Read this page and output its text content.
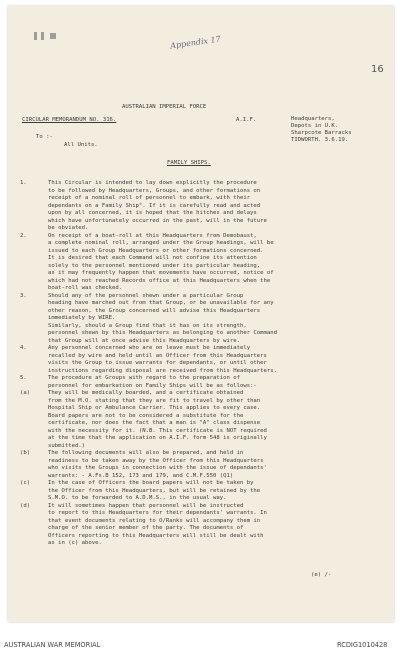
Appendix 17
16
AUSTRALIAN IMPERIAL FORCE
CIRCULAR MEMORANDUM NO. 316.	A.I.F.	Headquarters,
Depots in U.K.
Sharpcote Barracks
TIDWORTH. 3.6.19.
To :-
All Units.
FAMILY SHIPS.
1.	This Circular is intended to lay down explicitly the procedure
to be followed by Headquarters, Groups, and other formations on
receipt of a nominal roll of personnel to embark, with their
dependants on a Family Ship". If it is carefully read and acted
upon by all concerned, it is hoped that the hitches and delays
which have unfortunately occurred in the past, will in the future
be obviated.
2.	On receipt of a boat-roll at this Headquarters from Demobaust,
a complete nominal roll, arranged under the Group headings, will be
issued to each Group Headquarters or other formations concerned.
It is desired that each Command will not confine its attention
solely to the personnel mentioned under its particular heading,
as it may frequently happen that movements have occurred, notice of
which had not reached Records office at this Headquarters when the
boat-roll was checked.
3.	Should any of the personnel shewn under a particular Group
heading have marched out from that Group, or be unavailable for any
other reason, the Group concerned will advise this Headquarters
immediately by WIRE.
Similarly, should a Group find that it has on its strength,
personnel shewn by this Headquarters as belonging to another Command
that Group will at once advise this Headquarters by wire.
4.	Any personnel concerned who are on leave must be immediately
recalled by wire and held until an Officer from this Headquarters
visits the Group to issue warrants for dependants, or until other
instructions regarding disposal are received from this Headquarters.
5.	The procedure at Groups with regard to the preparation of
personnel for embarkation on Family Ships will be as follows:-
(a)	They will be medically boarded, and a certificate obtained
from the M.O. stating that they are fit to travel by other than
Hospital Ship or Ambulance Carrier. This applies to every case.
Board papers are not to be considered a substitute for the
certificate, nor does the fact that a man is "A" class dispense
with the necessity for it. (N.B. This certificate is NOT required
at the time that the application on A.I.F. form 548 is originally
submitted.)
(b)	The following documents will also be prepared, and held in
readiness to be taken away by the Officer from this Headquarters
who visits the Groups in connection with the issue of dependants'
warrants: - A.Fs.B 152, 173 and 179, and C.M.F.550 (Q1)
(c)	In the case of Officers the board papers will not be taken by
the Officer from this Headquarters, but will be retained by the
S.M.O. to be forwarded to A.D.M.S., in the usual way.
(d)	It will sometimes happen that personnel will be instructed
to report to this Headquarters for their dependants' warrants. In
that event documents relating to O/Ranks will accompany them in
charge of the senior member of the party. The documents of
Officers reporting to this Headquarters will still be dealt with
as in (c) above.
(e) /-
AUSTRALIAN WAR MEMORIAL	RCDIG1010428
